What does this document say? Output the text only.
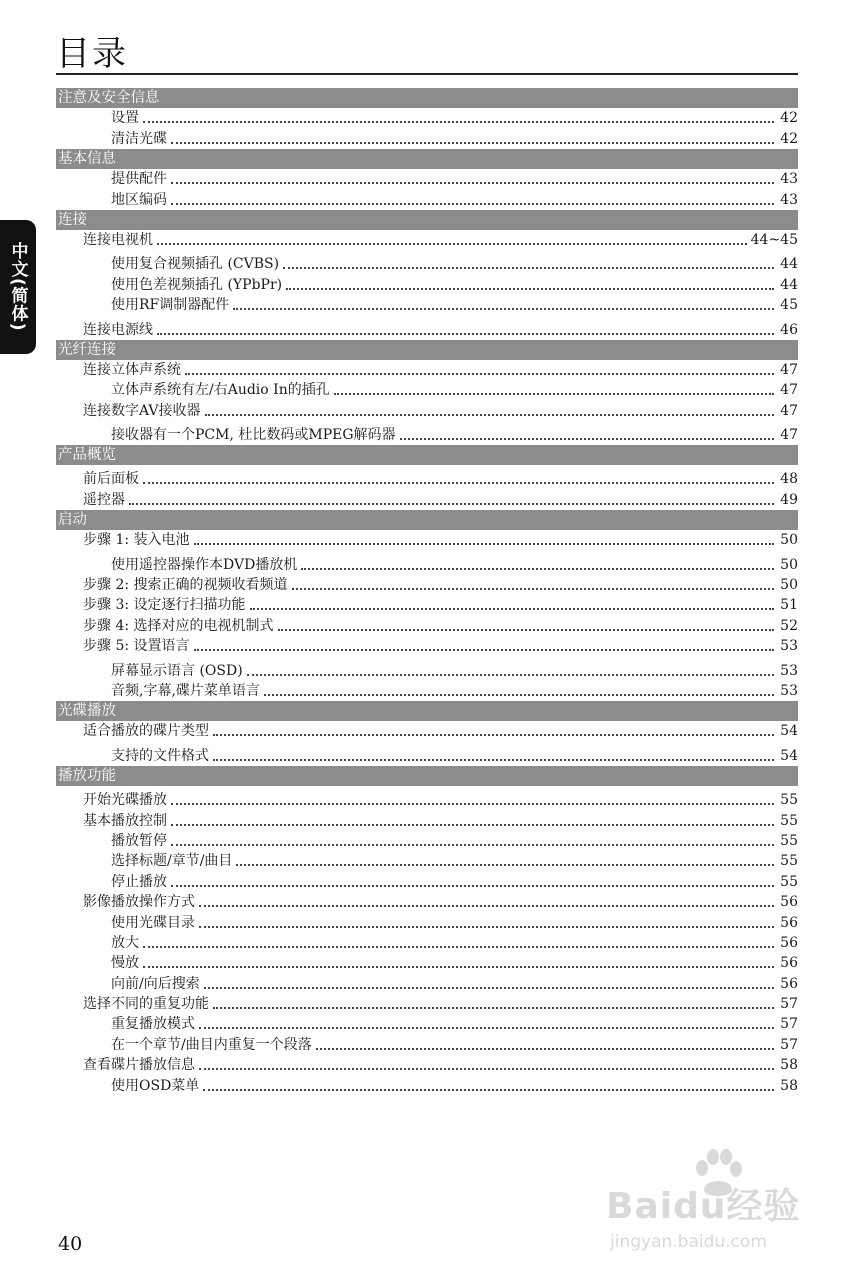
目录
中文(简体)
注意及安全信息
设置	42
清洁光碟	42
基本信息
提供配件	43
地区编码	43
连接
连接电视机	44~45
使用复合视频插孔 (CVBS)	44
使用色差视频插孔 (YPbPr)	44
使用RF调制器配件	45
连接电源线	46
光纤连接
连接立体声系统	47
立体声系统有左/右Audio In的插孔	47
连接数字AV接收器	47
接收器有一个PCM, 杜比数码或MPEG解码器	47
产品概览
前后面板	48
遥控器	49
启动
步骤 1: 装入电池	50
使用遥控器操作本DVD播放机	50
步骤 2: 搜索正确的视频收看频道	50
步骤 3: 设定逐行扫描功能	51
步骤 4: 选择对应的电视机制式	52
步骤 5: 设置语言	53
屏幕显示语言 (OSD)	53
音频,字幕,碟片菜单语言	53
光碟播放
适合播放的碟片类型	54
支持的文件格式	54
播放功能
开始光碟播放	55
基本播放控制	55
播放暂停	55
选择标题/章节/曲目	55
停止播放	55
影像播放操作方式	56
使用光碟目录	56
放大	56
慢放	56
向前/向后搜索	56
选择不同的重复功能	57
重复播放模式	57
在一个章节/曲目内重复一个段落	57
查看碟片播放信息	58
使用OSD菜单	58
40
Baidu经验
jingyan.baidu.com
